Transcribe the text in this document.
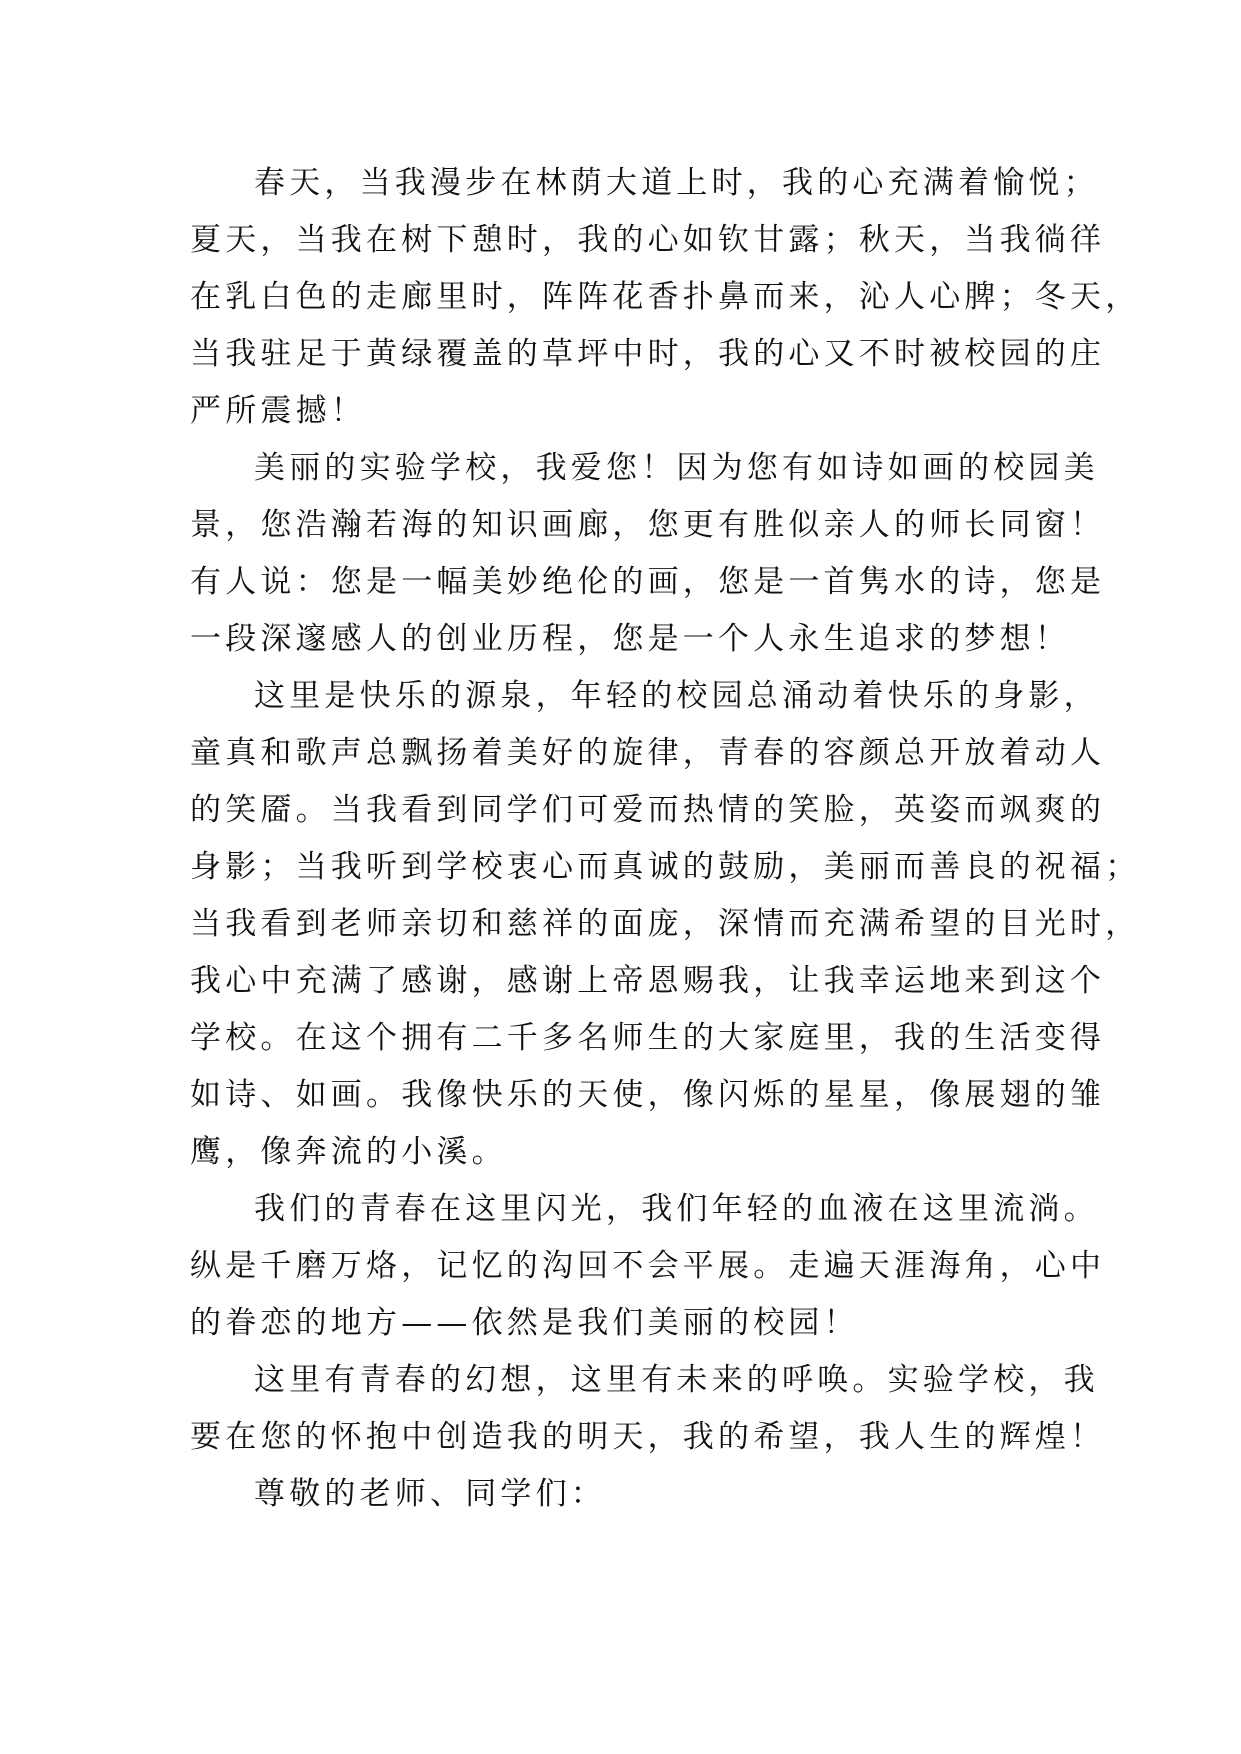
春天，当我漫步在林荫大道上时，我的心充满着愉悦；
夏天，当我在树下憩时，我的心如钦甘露；秋天，当我徜徉
在乳白色的走廊里时，阵阵花香扑鼻而来，沁人心脾；冬天，
当我驻足于黄绿覆盖的草坪中时，我的心又不时被校园的庄
严所震撼！
美丽的实验学校，我爱您！因为您有如诗如画的校园美
景，您浩瀚若海的知识画廊，您更有胜似亲人的师长同窗！
有人说：您是一幅美妙绝伦的画，您是一首隽水的诗，您是
一段深邃感人的创业历程，您是一个人永生追求的梦想！
这里是快乐的源泉，年轻的校园总涌动着快乐的身影，
童真和歌声总飘扬着美好的旋律，青春的容颜总开放着动人
的笑靥。当我看到同学们可爱而热情的笑脸，英姿而飒爽的
身影；当我听到学校衷心而真诚的鼓励，美丽而善良的祝福；
当我看到老师亲切和慈祥的面庞，深情而充满希望的目光时，
我心中充满了感谢，感谢上帝恩赐我，让我幸运地来到这个
学校。在这个拥有二千多名师生的大家庭里，我的生活变得
如诗、如画。我像快乐的天使，像闪烁的星星，像展翅的雏
鹰，像奔流的小溪。
我们的青春在这里闪光，我们年轻的血液在这里流淌。
纵是千磨万烙，记忆的沟回不会平展。走遍天涯海角，心中
的眷恋的地方——依然是我们美丽的校园！
这里有青春的幻想，这里有未来的呼唤。实验学校，我
要在您的怀抱中创造我的明天，我的希望，我人生的辉煌！
尊敬的老师、同学们：
